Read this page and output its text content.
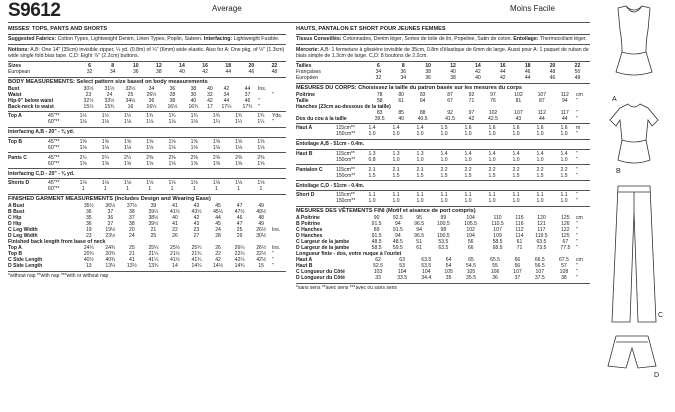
S9612	Average	Moins Facile
MISSES' TOPS, PANTS AND SHORTS
Suggested Fabrics: Cotton Types, Lightweight Denim, Linen Types, Poplin, Sateen. Interfacing: Lightweight Fusible.
Notions: A,B: One 14" (35cm) invisible zipper, ¼ yd. (0.8m) of ¼" (6mm) wide elastic. Also for A: One pkg. of ½" (1.3cm) wide single fold bias tape. C,D: Eight ⅞" (2.2cm) buttons.
Sizes	6	8	10	12	14	16	18	20	22
European	32	34	36	38	40	42	44	46	48
BODY MEASUREMENTS: Select pattern size based on body measurements
Bust	30½	31½	32½	34	36	38	40	42	44	Ins.	
Waist	23	24	25	26½	28	30	32	34	37		"
Hip-9" below waist	32½	33½	34½	36	38	40	42	44	46	"	
Back-neck to waist	15½	15¾	16	16¼	16½	16¾	17	17¼	17¾	"	
Top A	45"**	1½	1½	1½	1¾	1¾	1¾	1¾	1¾	1¾	Yds.
	60"**	1⅛	1⅛	1⅛	1⅛	1⅛	1⅛	1¼	1¼	1¼	"
Interfacing A,B - 20" - ⅜ yd.
Top B	45"**	1⅝	1⅝	1⅝	1⅝	1⅝	1⅝	1⅝	1⅝	1⅝	
	60"**	1⅛	1⅛	1⅛	1⅛	1⅛	1⅛	1⅛	1⅛	1⅛	
Pants C	45"**	2¼	2¼	2¼	2⅜	2⅜	2⅜	2⅜	2⅜	2⅜	
	60"**	1⅝	1⅝	1⅝	1⅝	1⅝	1⅝	1⅝	1⅝	1⅝	
Interfacing C,D - 20" - ⅜ yd.
Shorts D	45"**	1⅛	1⅛	1⅛	1⅛	1⅛	1⅛	1⅛	1⅛	1⅛	
	60"**	1	1	1	1	1	1	1	1	1	
FINISHED GARMENT MEASUREMENTS (Includes Design and Wearing Ease)
A Bust	35½	36½	37½	39	41	43	45	47	49	
B Bust	36	37	38	39½	41½	43½	45½	47½	49½	
C Hip	35	36	37	38½	40	42	44	46	48	
D Hip	36	37	38	39½	41	43	45	47	49	
C Leg Width	19	19½	20	21	22	23	24	25	26½	Ins.
D Leg Width	23	23½	24	25	26	27	28	29	30½	
Finished back length from base of neck
Top A	24¼	24¾	25	25¼	25½	25¾	26	26¼	26½	Ins.
Top B	20¾	20¾	21	21¼	21½	21¾	22	22¼	22½	"
C Side Length	40½	40¾	41	41¼	41½	41¾	42	42¼	42½	"
D Side Length	13	13¼	13½	13¾	14	14¼	14½	14¾	15	"
*without nap **with nap ***with or without nap
HAUTS, PANTALON ET SHORT POUR JEUNES FEMMES
Tissus Conseillés: Cotonnades, Denim léger, Sortes de toile de lin, Popeline, Satin de coton. Entoilage: Thermocollant léger.
Mercerie: A,B: 1 fermeture à glissière invisible de 35cm, 0.8m d'élastique de 6mm de large. Aussi pour A: 1 paquet de ruban de biais simple de 1.3cm de large. C,D: 8 boutons de 2.2cm.
Tailles	6	8	10	12	14	16	18	20	22
Françaises	34	36	38	40	42	44	46	48	50
Européen	32	34	36	38	40	42	44	46	48
MESURES DU CORPS: Choisissez la taille du patron basée sur les mesures du corps
Poitrine	78	80	83	87	92	97	102	107	112	cm
Taille	58	61	64	67	71	76	81	87	94	"
Hanches (23cm au-dessous de la taille)										
	83	85	88	92	97	102	107	112	117	"
Dos du cou à la taille	39.5	40	40.5	41.5	42	42.5	43	44	44	"
Haut A	115cm**	1.4	1.4	1.4	1.5	1.6	1.6	1.6	1.6	1.6	m
	150cm**	1.0	1.0	1.0	1.0	1.0	1.0	1.0	1.0	1.0	"
Entoilage A,B - 51cm - 0.4m.
Haut B	115cm**	1.3	1.3	1.3	1.4	1.4	1.4	1.4	1.4	1.4	"
	150cm**	0.8	1.0	1.0	1.0	1.0	1.0	1.0	1.0	1.0	"
Pantalon C	115cm**	2.1	2.1	2.1	2.2	2.2	2.2	2.2	2.2	2.2	"
	150cm**	1.5	1.5	1.5	1.5	1.5	1.5	1.5	1.5	1.5	"
Entoilage C,D - 51cm - 0.4m.
Short D	115cm**	1.1	1.1	1.1	1.1	1.1	1.1	1.1	1.1	1.1	"
	150cm**	1.0	1.0	1.0	1.0	1.0	1.0	1.0	1.0	1.0	"
MESURES DES VÊTEMENTS FINI (Motif et aisance de port compris)
A Poitrine	90	92.5	95	99	104	110	115	120	125	cm
B Poitrine	91.5	94	96.5	100.5	105.5	110.5	116	121	126	"
C Hanches	89	91.5	94	98	102	107	112	117	122	"
D Hanches	91.5	94	96.5	100.5	104	109	114	119.5	125	"
C Largeur de la jambe	48.5	48.5	51	53.5	56	58.5	61	63.5	67	"
D Largeur de la jambe	58.5	59.5	61	63.5	66	68.5	71	73.5	77.5	"
Longueur finie - dos, votre nuque à l'ourlet
Haut A	62	63	63.5	64	65	65.5	66	66.5	67.5	cm
Haut B	52.5	53	53.5	54	54.5	55	56	56.5	57	"
C Longueur du Côté	103	104	104	105	105	106	107	107	108	"
D Longueur du Côté	33	33.5	34.4	35	35.5	36	37	37.5	38	"
*sans sens **avec sens ***avec ou sans sens
A
B
C
D
